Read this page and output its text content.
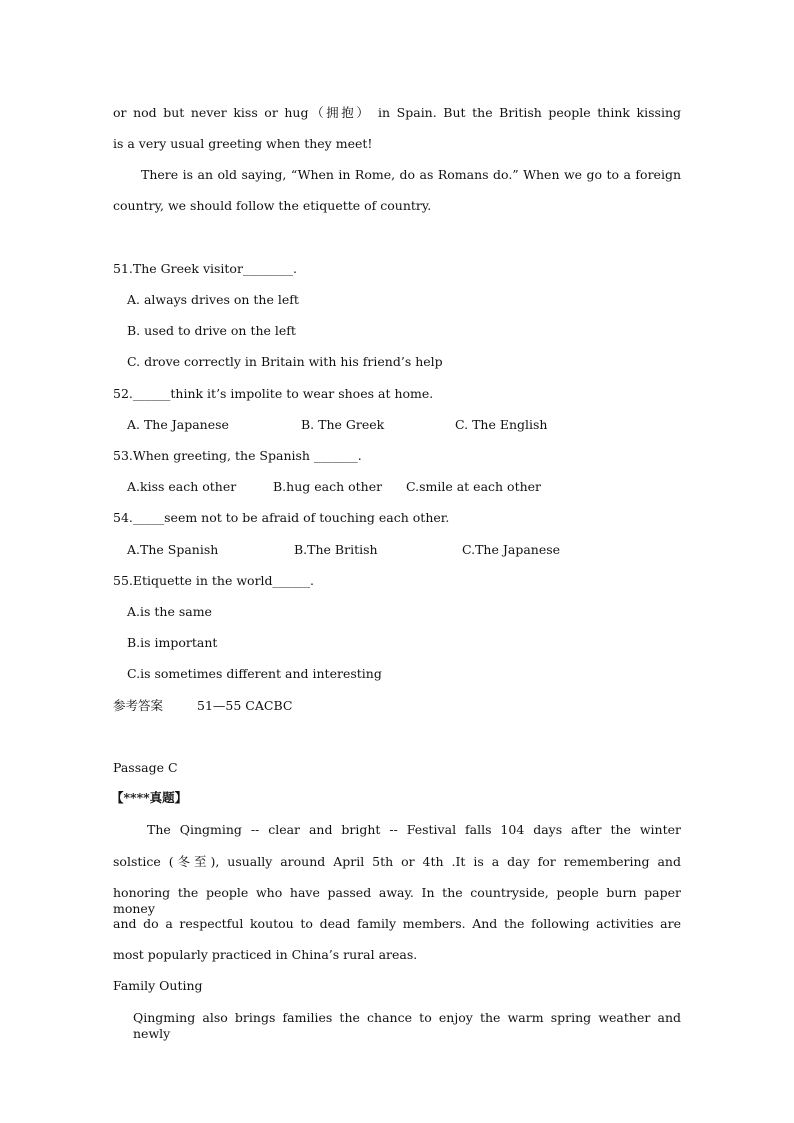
or nod but never kiss or hug（拥抱） in Spain. But the British people think kissing
is a very usual greeting when they meet!
There is an old saying, “When in Rome, do as Romans do.” When we go to a foreign
country, we should follow the etiquette of country.
51.The Greek visitor________.
A. always drives on the left
B. used to drive on the left
C. drove correctly in Britain with his friend’s help
52.______think it’s impolite to wear shoes at home.
A. The Japanese	B. The Greek	C. The English
53.When greeting, the Spanish _______.
A.kiss each other	B.hug each other C.smile at each other
54._____seem not to be afraid of touching each other.
A.The Spanish	B.The British	C.The Japanese
55.Etiquette in the world______.
A.is the same
B.is important
C.is sometimes different and interesting
参考答案	51—55 CACBC
Passage C
【****真题】
The Qingming -- clear and bright -- Festival falls 104 days after the winter
solstice (冬至), usually around April 5th or 4th .It is a day for remembering and
honoring the people who have passed away. In the countryside, people burn paper money
and do a respectful koutou to dead family members. And the following activities are
most popularly practiced in China’s rural areas.
Family Outing
Qingming also brings families the chance to enjoy the warm spring weather and newly
